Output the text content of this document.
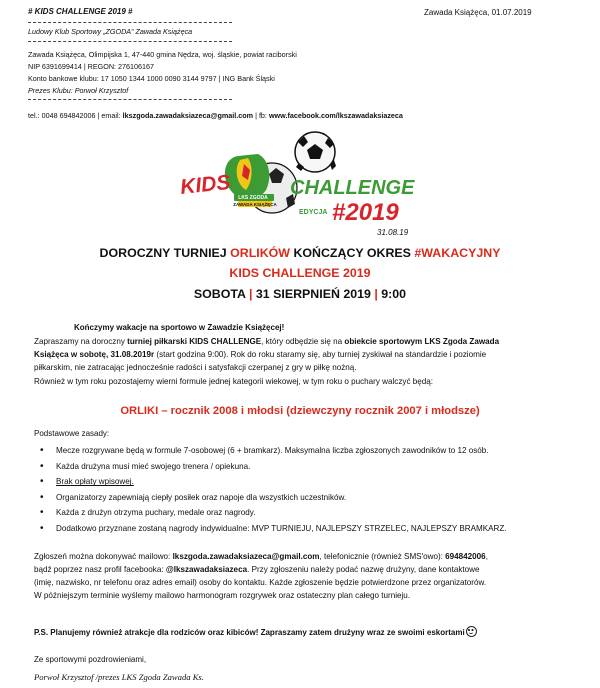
# KIDS CHALLENGE 2019 #	Zawada Książęca, 01.07.2019
Ludowy Klub Sportowy „ZGODA” Zawada Książęca
Zawada Książęca, Olimpijska 1, 47-440 gmina Nędza, woj. śląskie, powiat raciborski
NIP 6391699414 | REGON: 276106167
Konto bankowe klubu: 17 1050 1344 1000 0090 3144 9797 | ING Bank Śląski
Prezes Klubu: Porwoł Krzysztof
tel.: 0048 694842006 | email: lkszgoda.zawadaksiazeca@gmail.com | fb: www.facebook.com/lkszawadaksiazeca
LKS ZGODA
ZAWADA KSIĄŻĘCA
KIDS	CHALLENGE
EDYCJA #2019
31.08.19
DOROCZNY TURNIEJ ORLIKÓW KOŃCZĄCY OKRES #WAKACYJNY
KIDS CHALLENGE 2019
SOBOTA | 31 SIERPNIEŃ 2019 | 9:00
Kończymy wakacje na sportowo w Zawadzie Książęcej!

Zapraszamy na doroczny turniej piłkarski KIDS CHALLENGE, który odbędzie się na obiekcie sportowym LKS Zgoda Zawada

Książęca w sobotę, 31.08.2019r (start godzina 9:00). Rok do roku staramy się, aby turniej zyskiwał na standardzie i poziomie

piłkarskim, nie zatracając jednocześnie radości i satysfakcji czerpanej z gry w piłkę nożną.

Również w tym roku pozostajemy wierni formule jednej kategorii wiekowej, w tym roku o puchary walczyć będą:

ORLIKI – rocznik 2008 i młodsi (dziewczyny rocznik 2007 i młodsze)
Podstawowe zasady:
• Mecze rozgrywane będą w formule 7-osobowej (6 + bramkarz). Maksymalna liczba zgłoszonych zawodników to 12 osób.
• Każda drużyna musi mieć swojego trenera / opiekuna.
• Brak opłaty wpisowej.
• Organizatorzy zapewniają ciepły posiłek oraz napoje dla wszystkich uczestników.
• Każda z drużyn otrzyma puchary, medale oraz nagrody.
• Dodatkowo przyznane zostaną nagrody indywidualne: MVP TURNIEJU, NAJLEPSZY STRZELEC, NAJLEPSZY BRAMKARZ.

Zgłoszeń można dokonywać mailowo: lkszgoda.zawadaksiazeca@gmail.com, telefonicznie (również SMS'owo): 694842006,

bądź poprzez nasz profil facebooka: @lkszawadaksiazeca. Przy zgłoszeniu należy podać nazwę drużyny, dane kontaktowe

(imię, nazwisko, nr telefonu oraz adres email) osoby do kontaktu. Każde zgłoszenie będzie potwierdzone przez organizatorów.

W późniejszym terminie wyślemy mailowo harmonogram rozgrywek oraz ostateczny plan całego turnieju.

P.S. Planujemy również atrakcje dla rodziców oraz kibiców! Zapraszamy zatem drużyny wraz ze swoimi eskortami
Ze sportowymi pozdrowieniami,
Porwoł Krzysztof /prezes LKS Zgoda Zawada Ks.
